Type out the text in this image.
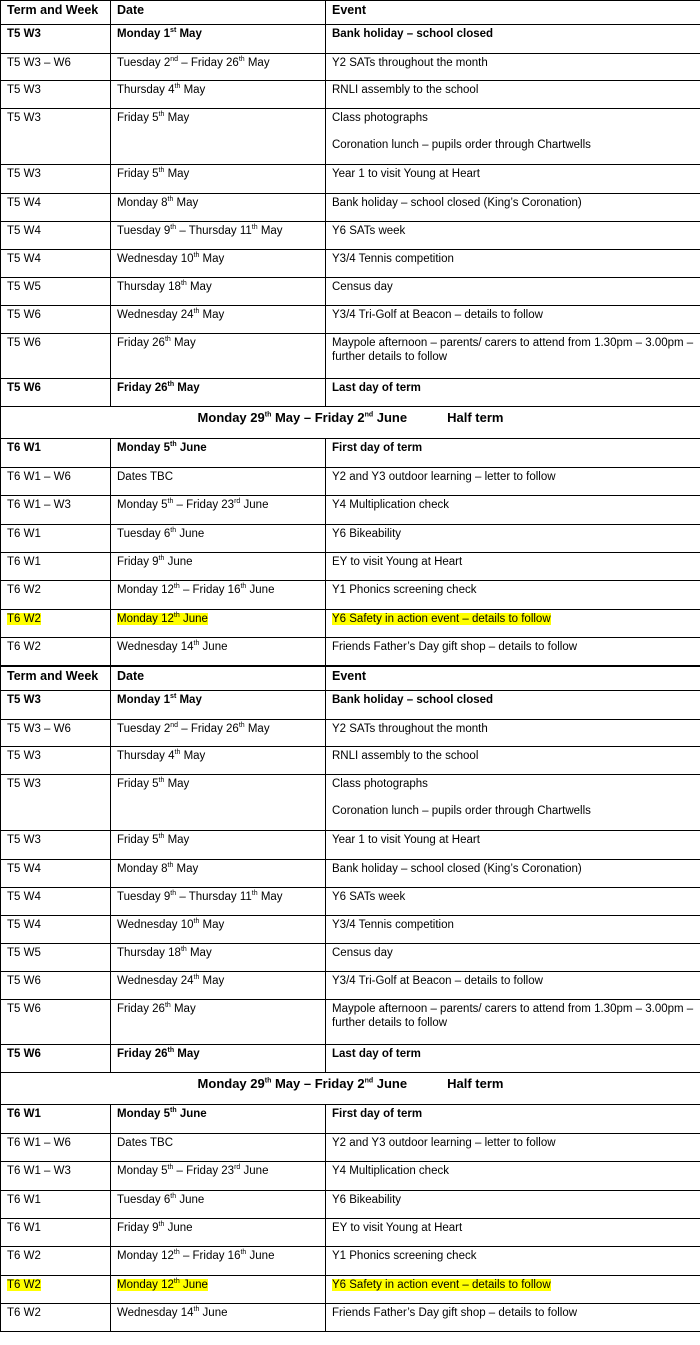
Term and Week	Date	Event
T5 W3	Monday 1st May	Bank holiday – school closed
T5 W3 – W6	Tuesday 2nd – Friday 26th May	Y2 SATs throughout the month
T5 W3	Thursday 4th May	RNLI assembly to the school
T5 W3	Friday 5th May	Class photographs
Coronation lunch – pupils order through Chartwells

T5 W3	Friday 5th May	Year 1 to visit Young at Heart
T5 W4	Monday 8th May	Bank holiday – school closed (King’s Coronation)
T5 W4	Tuesday 9th – Thursday 11th May	Y6 SATs week
T5 W4	Wednesday 10th May	Y3/4 Tennis competition
T5 W5	Thursday 18th May	Census day
T5 W6	Wednesday 24th May	Y3/4 Tri-Golf at Beacon – details to follow
T5 W6	Friday 26th May	Maypole afternoon – parents/ carers to attend from 1.30pm – 3.00pm – further details to follow
T5 W6	Friday 26th May	Last day of term
Monday 29th May – Friday 2nd June Half term		
T6 W1	Monday 5th June	First day of term
T6 W1 – W6	Dates TBC	Y2 and Y3 outdoor learning – letter to follow
T6 W1 – W3	Monday 5th – Friday 23rd June	Y4 Multiplication check
T6 W1	Tuesday 6th June	Y6 Bikeability
T6 W1	Friday 9th June	EY to visit Young at Heart
T6 W2	Monday 12th – Friday 16th June	Y1 Phonics screening check
T6 W2	Monday 12th June	Y6 Safety in action event – details to follow
T6 W2	Wednesday 14th June	Friends Father’s Day gift shop – details to follow
Term and Week	Date	Event
T5 W3	Monday 1st May	Bank holiday – school closed
T5 W3 – W6	Tuesday 2nd – Friday 26th May	Y2 SATs throughout the month
T5 W3	Thursday 4th May	RNLI assembly to the school
T5 W3	Friday 5th May	Class photographs
Coronation lunch – pupils order through Chartwells

T5 W3	Friday 5th May	Year 1 to visit Young at Heart
T5 W4	Monday 8th May	Bank holiday – school closed (King’s Coronation)
T5 W4	Tuesday 9th – Thursday 11th May	Y6 SATs week
T5 W4	Wednesday 10th May	Y3/4 Tennis competition
T5 W5	Thursday 18th May	Census day
T5 W6	Wednesday 24th May	Y3/4 Tri-Golf at Beacon – details to follow
T5 W6	Friday 26th May	Maypole afternoon – parents/ carers to attend from 1.30pm – 3.00pm – further details to follow
T5 W6	Friday 26th May	Last day of term
Monday 29th May – Friday 2nd June Half term		
T6 W1	Monday 5th June	First day of term
T6 W1 – W6	Dates TBC	Y2 and Y3 outdoor learning – letter to follow
T6 W1 – W3	Monday 5th – Friday 23rd June	Y4 Multiplication check
T6 W1	Tuesday 6th June	Y6 Bikeability
T6 W1	Friday 9th June	EY to visit Young at Heart
T6 W2	Monday 12th – Friday 16th June	Y1 Phonics screening check
T6 W2	Monday 12th June	Y6 Safety in action event – details to follow
T6 W2	Wednesday 14th June	Friends Father’s Day gift shop – details to follow
